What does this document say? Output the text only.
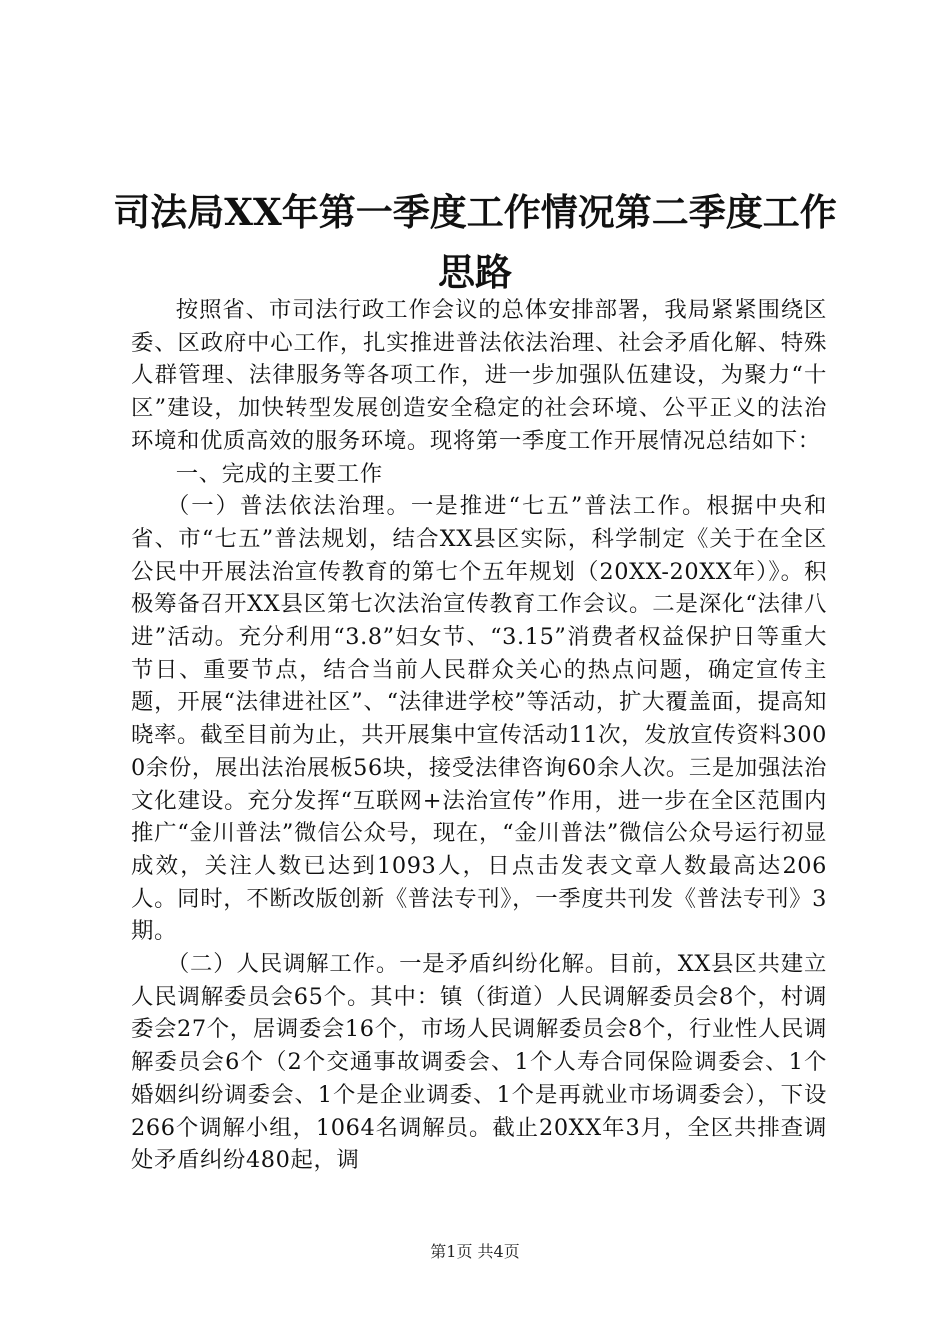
司法局XX年第一季度工作情况第二季度工作思路

按照省、市司法行政工作会议的总体安排部署，我局紧紧围绕区委、区政府中心工作，扎实推进普法依法治理、社会矛盾化解、特殊人群管理、法律服务等各项工作，进一步加强队伍建设，为聚力“十区”建设，加快转型发展创造安全稳定的社会环境、公平正义的法治环境和优质高效的服务环境。现将第一季度工作开展情况总结如下：

一、完成的主要工作

（一）普法依法治理。一是推进“七五”普法工作。根据中央和省、市“七五”普法规划，结合XX县区实际，科学制定《关于在全区公民中开展法治宣传教育的第七个五年规划（20XX-20XX年）》。积极筹备召开XX县区第七次法治宣传教育工作会议。二是深化“法律八进”活动。充分利用“3.8”妇女节、“3.15”消费者权益保护日等重大节日、重要节点，结合当前人民群众关心的热点问题，确定宣传主题，开展“法律进社区”、“法律进学校”等活动，扩大覆盖面，提高知晓率。截至目前为止，共开展集中宣传活动11次，发放宣传资料3000余份，展出法治展板56块，接受法律咨询60余人次。三是加强法治文化建设。充分发挥“互联网+法治宣传”作用，进一步在全区范围内推广“金川普法”微信公众号，现在，“金川普法”微信公众号运行初显成效，关注人数已达到1093人，日点击发表文章人数最高达206人。同时，不断改版创新《普法专刊》，一季度共刊发《普法专刊》3期。

（二）人民调解工作。一是矛盾纠纷化解。目前，XX县区共建立人民调解委员会65个。其中：镇（街道）人民调解委员会8个，村调委会27个，居调委会16个，市场人民调解委员会8个，行业性人民调解委员会6个（2个交通事故调委会、1个人寿合同保险调委会、1个婚姻纠纷调委会、1个是企业调委、1个是再就业市场调委会），下设266个调解小组，1064名调解员。截止20XX年3月，全区共排查调处矛盾纠纷480起，调

第1页 共4页
